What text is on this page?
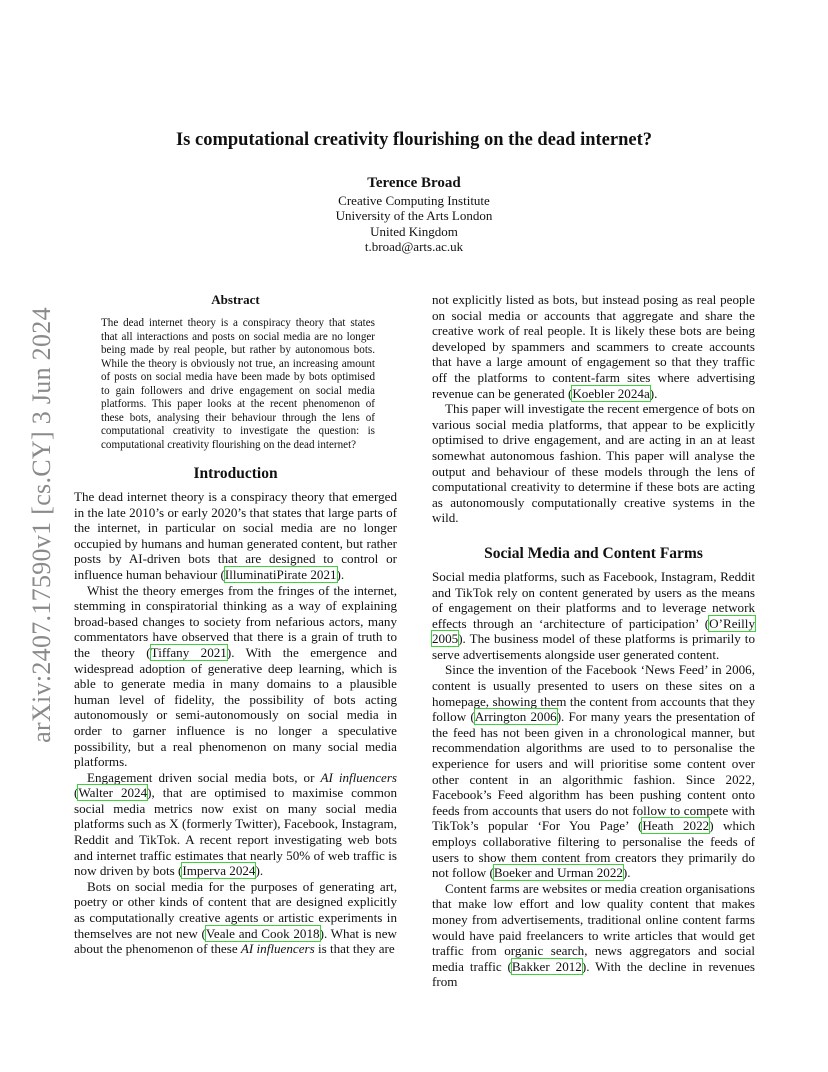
arXiv:2407.17590v1 [cs.CY] 3 Jun 2024
Is computational creativity flourishing on the dead internet?
Terence Broad
Creative Computing Institute
University of the Arts London
United Kingdom
t.broad@arts.ac.uk
Abstract

The dead internet theory is a conspiracy theory that states that all interactions and posts on social media are no longer being made by real people, but rather by autonomous bots. While the theory is obviously not true, an increasing amount of posts on social media have been made by bots optimised to gain followers and drive engagement on social media platforms. This paper looks at the recent phenomenon of these bots, analysing their behaviour through the lens of computational creativity to investigate the question: is computational creativity flourishing on the dead internet?

Introduction

The dead internet theory is a conspiracy theory that emerged in the late 2010’s or early 2020’s that states that large parts of the internet, in particular on social media are no longer occupied by humans and human generated content, but rather posts by AI-driven bots that are designed to control or influence human behaviour (IlluminatiPirate 2021).

Whist the theory emerges from the fringes of the internet, stemming in conspiratorial thinking as a way of explaining broad-based changes to society from nefarious actors, many commentators have observed that there is a grain of truth to the theory (Tiffany 2021). With the emergence and widespread adoption of generative deep learning, which is able to generate media in many domains to a plausible human level of fidelity, the possibility of bots acting autonomously or semi-autonomously on social media in order to garner influence is no longer a speculative possibility, but a real phenomenon on many social media platforms.

Engagement driven social media bots, or AI influencers (Walter 2024), that are optimised to maximise common social media metrics now exist on many social media platforms such as X (formerly Twitter), Facebook, Instagram, Reddit and TikTok. A recent report investigating web bots and internet traffic estimates that nearly 50% of web traffic is now driven by bots (Imperva 2024).

Bots on social media for the purposes of generating art, poetry or other kinds of content that are designed explicitly as computationally creative agents or artistic experiments in themselves are not new (Veale and Cook 2018). What is new about the phenomenon of these AI influencers is that they are

not explicitly listed as bots, but instead posing as real people on social media or accounts that aggregate and share the creative work of real people. It is likely these bots are being developed by spammers and scammers to create accounts that have a large amount of engagement so that they traffic off the platforms to content-farm sites where advertising revenue can be generated (Koebler 2024a).

This paper will investigate the recent emergence of bots on various social media platforms, that appear to be explicitly optimised to drive engagement, and are acting in an at least somewhat autonomous fashion. This paper will analyse the output and behaviour of these models through the lens of computational creativity to determine if these bots are acting as autonomously computationally creative systems in the wild.

Social Media and Content Farms

Social media platforms, such as Facebook, Instagram, Reddit and TikTok rely on content generated by users as the means of engagement on their platforms and to leverage network effects through an ‘architecture of participation’ (O’Reilly 2005). The business model of these platforms is primarily to serve advertisements alongside user generated content.

Since the invention of the Facebook ‘News Feed’ in 2006, content is usually presented to users on these sites on a homepage, showing them the content from accounts that they follow (Arrington 2006). For many years the presentation of the feed has not been given in a chronological manner, but recommendation algorithms are used to to personalise the experience for users and will prioritise some content over other content in an algorithmic fashion. Since 2022, Facebook’s Feed algorithm has been pushing content onto feeds from accounts that users do not follow to compete with TikTok’s popular ‘For You Page’ (Heath 2022) which employs collaborative filtering to personalise the feeds of users to show them content from creators they primarily do not follow (Boeker and Urman 2022).

Content farms are websites or media creation organisations that make low effort and low quality content that makes money from advertisements, traditional online content farms would have paid freelancers to write articles that would get traffic from organic search, news aggregators and social media traffic (Bakker 2012). With the decline in revenues from
